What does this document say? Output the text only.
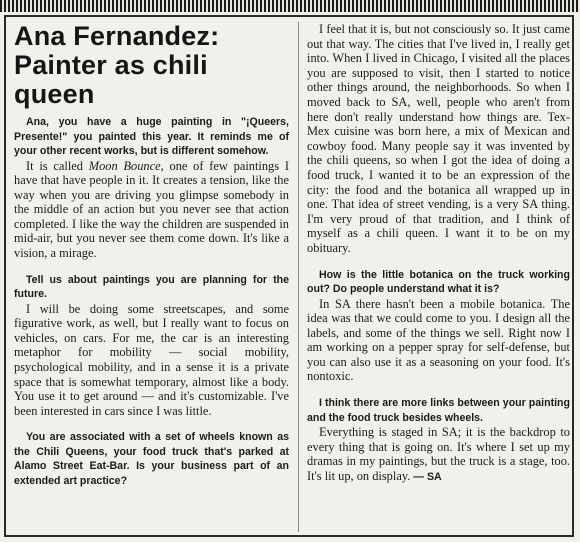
Ana Fernandez: Painter as chili queen

Ana, you have a huge painting in "¡Queers, Presente!" you painted this year. It reminds me of your other recent works, but is different somehow.

It is called Moon Bounce, one of few paintings I have that have people in it. It creates a tension, like the way when you are driving you glimpse somebody in the middle of an action but you never see that action completed. I like the way the children are suspended in mid-air, but you never see them come down. It's like a vision, a mirage.

Tell us about paintings you are planning for the future.

I will be doing some streetscapes, and some figurative work, as well, but I really want to focus on vehicles, on cars. For me, the car is an interesting metaphor for mobility — social mobility, psychological mobility, and in a sense it is a private space that is somewhat temporary, almost like a body. You use it to get around — and it's customizable. I've been interested in cars since I was little.

You are associated with a set of wheels known as the Chili Queens, your food truck that's parked at Alamo Street Eat-Bar. Is your business part of an extended art practice?

I feel that it is, but not consciously so. It just came out that way. The cities that I've lived in, I really get into. When I lived in Chicago, I visited all the places you are supposed to visit, then I started to notice other things around, the neighborhoods. So when I moved back to SA, well, people who aren't from here don't really understand how things are. Tex-Mex cuisine was born here, a mix of Mexican and cowboy food. Many people say it was invented by the chili queens, so when I got the idea of doing a food truck, I wanted it to be an expression of the city: the food and the botanica all wrapped up in one. That idea of street vending, is a very SA thing. I'm very proud of that tradition, and I think of myself as a chili queen. I want it to be on my obituary.

How is the little botanica on the truck working out? Do people understand what it is?

In SA there hasn't been a mobile botanica. The idea was that we could come to you. I design all the labels, and some of the things we sell. Right now I am working on a pepper spray for self-defense, but you can also use it as a seasoning on your food. It's nontoxic.

I think there are more links between your painting and the food truck besides wheels.

Everything is staged in SA; it is the backdrop to every thing that is going on. It's where I set up my dramas in my paintings, but the truck is a stage, too. It's lit up, on display. — SA
